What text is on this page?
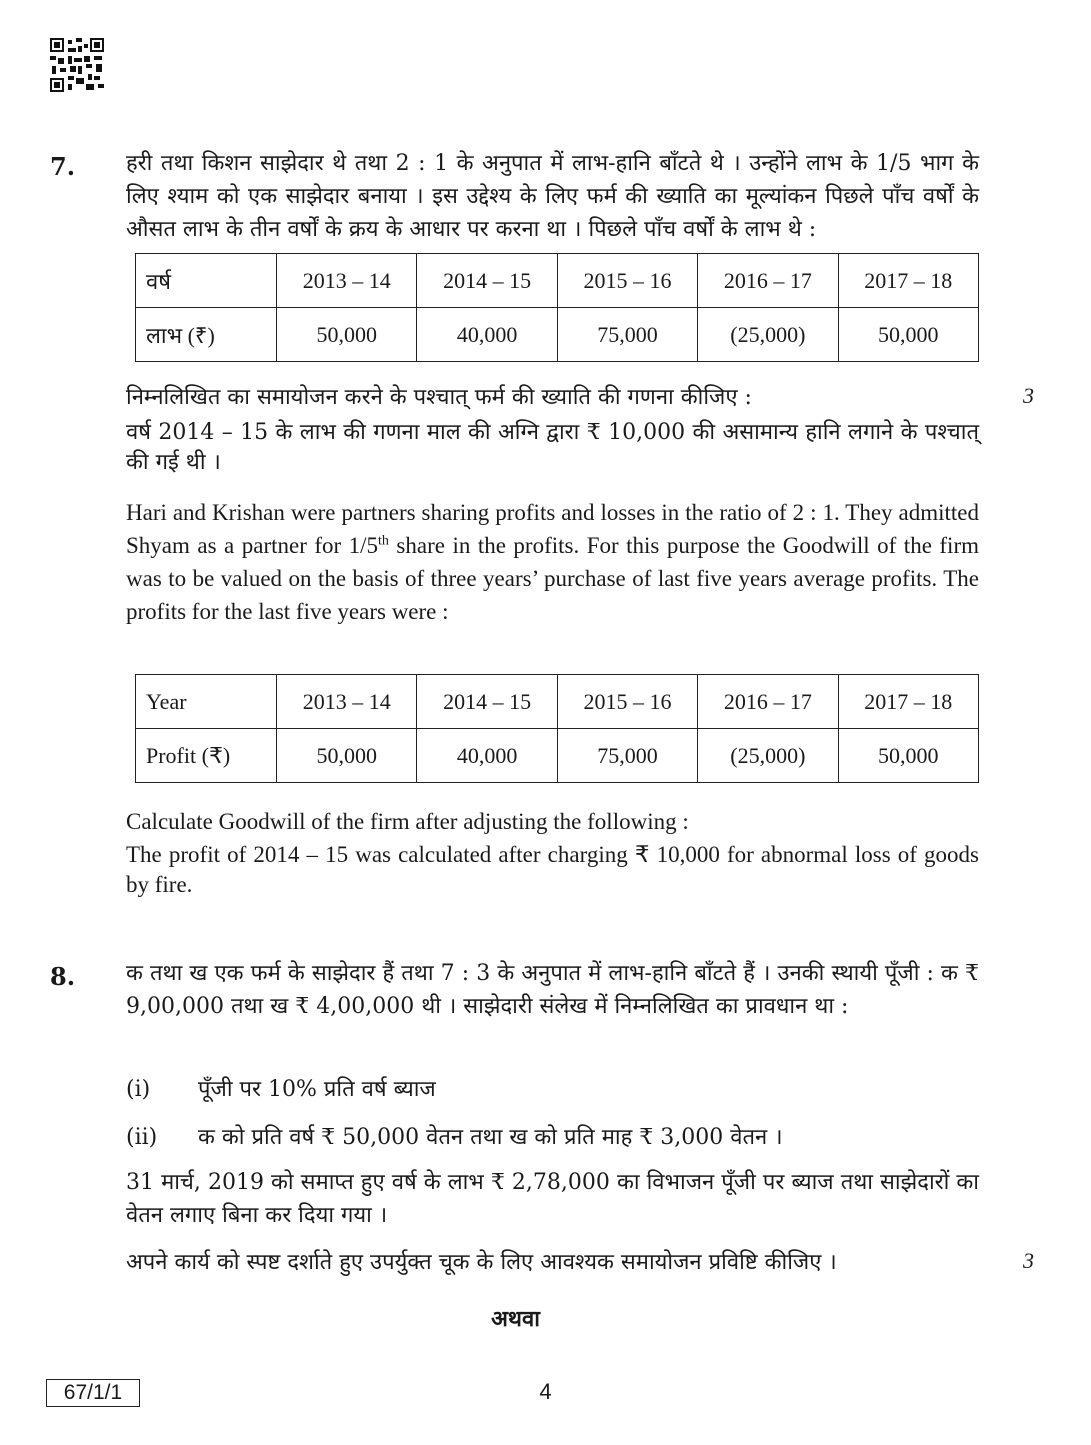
7. हरी तथा किशन साझेदार थे तथा 2 : 1 के अनुपात में लाभ-हानि बाँटते थे । उन्होंने लाभ के 1/5 भाग के लिए श्याम को एक साझेदार बनाया । इस उद्देश्य के लिए फर्म की ख्याति का मूल्यांकन पिछले पाँच वर्षों के औसत लाभ के तीन वर्षों के क्रय के आधार पर करना था । पिछले पाँच वर्षों के लाभ थे :
वर्ष	2013 – 14	2014 – 15	2015 – 16	2016 – 17	2017 – 18
लाभ (₹)	50,000	40,000	75,000	(25,000)	50,000
निम्नलिखित का समायोजन करने के पश्चात् फर्म की ख्याति की गणना कीजिए :	3
वर्ष 2014 – 15 के लाभ की गणना माल की अग्नि द्वारा ₹ 10,000 की असामान्य हानि लगाने के पश्चात् की गई थी ।
Hari and Krishan were partners sharing profits and losses in the ratio of 2 : 1. They admitted Shyam as a partner for 1/5th share in the profits. For this purpose the Goodwill of the firm was to be valued on the basis of three years’ purchase of last five years average profits. The profits for the last five years were :
Year	2013 – 14	2014 – 15	2015 – 16	2016 – 17	2017 – 18
Profit (₹)	50,000	40,000	75,000	(25,000)	50,000
Calculate Goodwill of the firm after adjusting the following :
The profit of 2014 – 15 was calculated after charging ₹ 10,000 for abnormal loss of goods by fire.
8. क तथा ख एक फर्म के साझेदार हैं तथा 7 : 3 के अनुपात में लाभ-हानि बाँटते हैं । उनकी स्थायी पूँजी : क ₹ 9,00,000 तथा ख ₹ 4,00,000 थी । साझेदारी संलेख में निम्नलिखित का प्रावधान था :
(i) पूँजी पर 10% प्रति वर्ष ब्याज
(ii) क को प्रति वर्ष ₹ 50,000 वेतन तथा ख को प्रति माह ₹ 3,000 वेतन ।
31 मार्च, 2019 को समाप्त हुए वर्ष के लाभ ₹ 2,78,000 का विभाजन पूँजी पर ब्याज तथा साझेदारों का वेतन लगाए बिना कर दिया गया ।
अपने कार्य को स्पष्ट दर्शाते हुए उपर्युक्त चूक के लिए आवश्यक समायोजन प्रविष्टि कीजिए ।	3
अथवा
67/1/1	4
